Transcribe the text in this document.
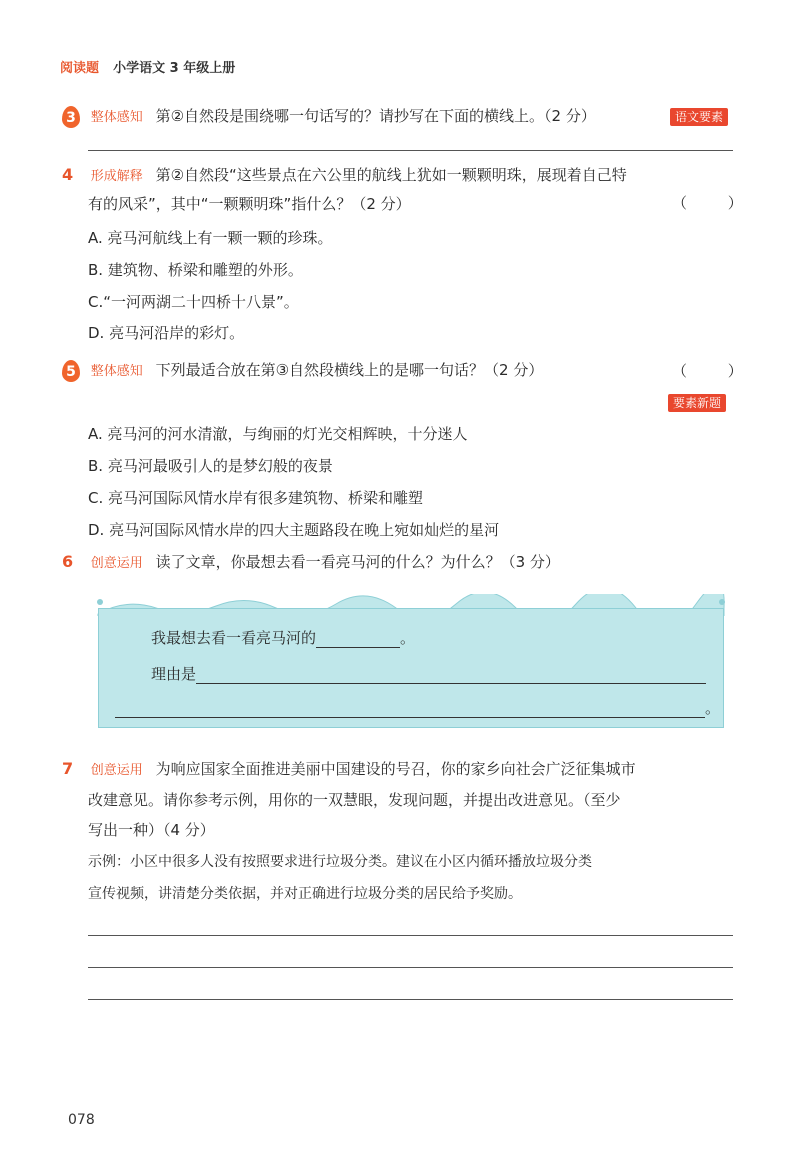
阅读题 小学语文 3 年级上册
3 整体感知 第②自然段是围绕哪一句话写的？请抄写在下面的横线上。（2 分）	语文要素
4 形成解释 第②自然段“这些景点在六公里的航线上犹如一颗颗明珠，展现着自己特
有的风采”，其中“一颗颗明珠”指什么？（2 分）	（ ）
A. 亮马河航线上有一颗一颗的珍珠。
B. 建筑物、桥梁和雕塑的外形。
C.“一河两湖二十四桥十八景”。
D. 亮马河沿岸的彩灯。
5 整体感知 下列最适合放在第③自然段横线上的是哪一句话？（2 分）	（ ）
要素新题
A. 亮马河的河水清澈，与绚丽的灯光交相辉映，十分迷人
B. 亮马河最吸引人的是梦幻般的夜景
C. 亮马河国际风情水岸有很多建筑物、桥梁和雕塑
D. 亮马河国际风情水岸的四大主题路段在晚上宛如灿烂的星河
6 创意运用 读了文章，你最想去看一看亮马河的什么？为什么？（3 分）
我最想去看一看亮马河的	。
理由是
。
7 创意运用 为响应国家全面推进美丽中国建设的号召，你的家乡向社会广泛征集城市
改建意见。请你参考示例，用你的一双慧眼，发现问题，并提出改进意见。（至少
写出一种）（4 分）
示例：小区中很多人没有按照要求进行垃圾分类。建议在小区内循环播放垃圾分类
宣传视频，讲清楚分类依据，并对正确进行垃圾分类的居民给予奖励。
078
